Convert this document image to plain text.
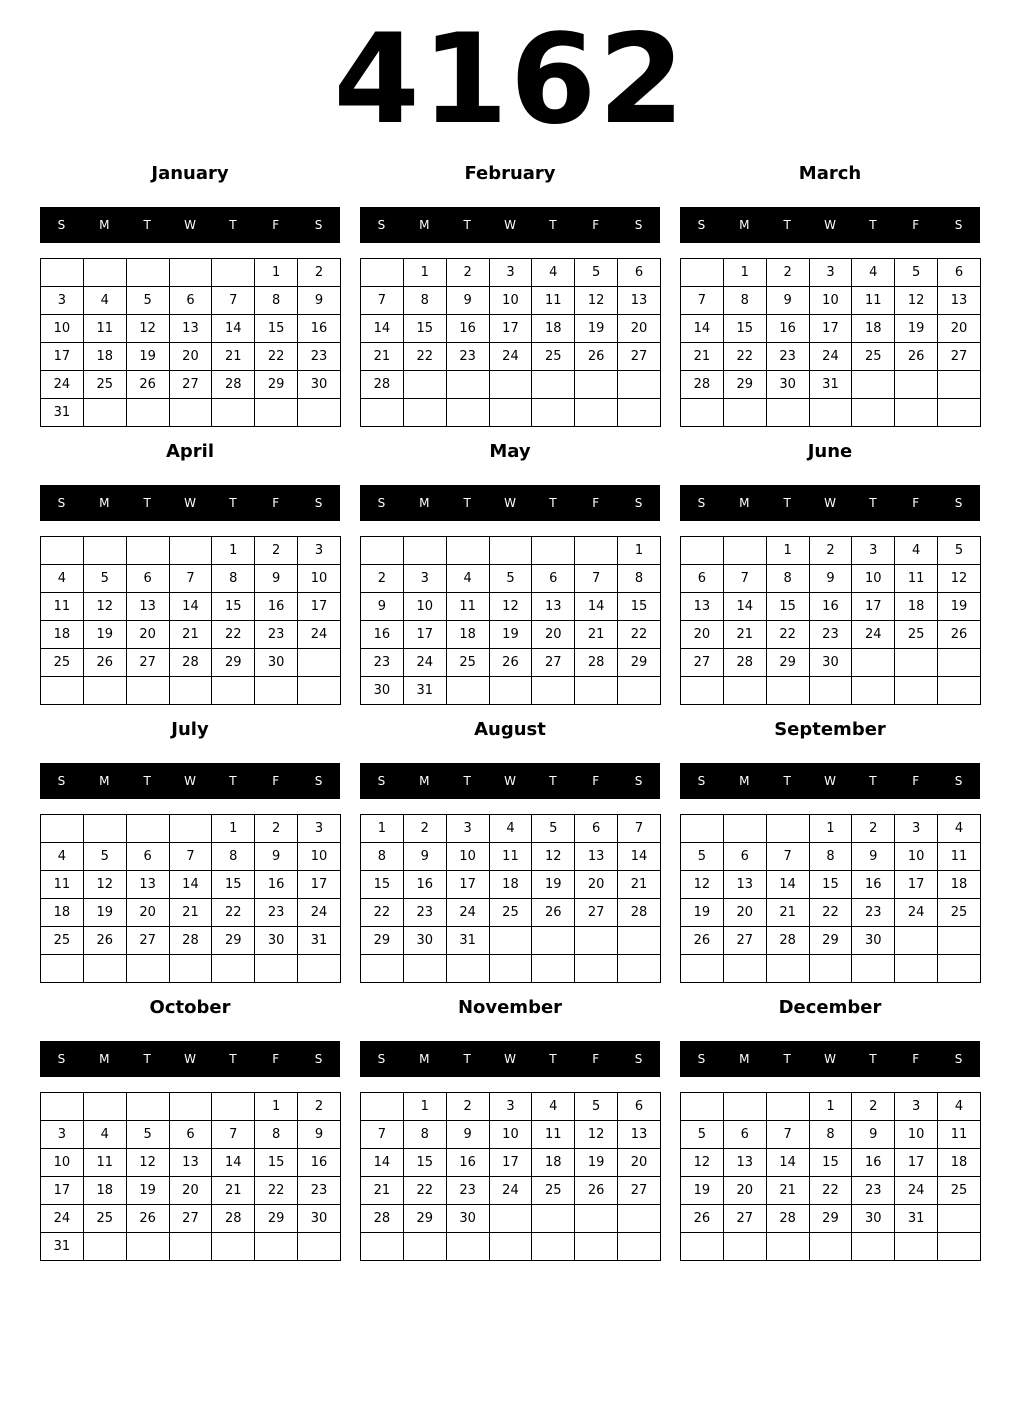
4162
January
S	M	T	W	T	F	S
					1	2
3	4	5	6	7	8	9
10	11	12	13	14	15	16
17	18	19	20	21	22	23
24	25	26	27	28	29	30
31						
February
S	M	T	W	T	F	S
	1	2	3	4	5	6
7	8	9	10	11	12	13
14	15	16	17	18	19	20
21	22	23	24	25	26	27
28						

March
S	M	T	W	T	F	S
	1	2	3	4	5	6
7	8	9	10	11	12	13
14	15	16	17	18	19	20
21	22	23	24	25	26	27
28	29	30	31			

April
S	M	T	W	T	F	S
				1	2	3
4	5	6	7	8	9	10
11	12	13	14	15	16	17
18	19	20	21	22	23	24
25	26	27	28	29	30	

May
S	M	T	W	T	F	S
						1
2	3	4	5	6	7	8
9	10	11	12	13	14	15
16	17	18	19	20	21	22
23	24	25	26	27	28	29
30	31					
June
S	M	T	W	T	F	S
		1	2	3	4	5
6	7	8	9	10	11	12
13	14	15	16	17	18	19
20	21	22	23	24	25	26
27	28	29	30			

July
S	M	T	W	T	F	S
				1	2	3
4	5	6	7	8	9	10
11	12	13	14	15	16	17
18	19	20	21	22	23	24
25	26	27	28	29	30	31

August
S	M	T	W	T	F	S
1	2	3	4	5	6	7
8	9	10	11	12	13	14
15	16	17	18	19	20	21
22	23	24	25	26	27	28
29	30	31				

September
S	M	T	W	T	F	S
			1	2	3	4
5	6	7	8	9	10	11
12	13	14	15	16	17	18
19	20	21	22	23	24	25
26	27	28	29	30		

October
S	M	T	W	T	F	S
					1	2
3	4	5	6	7	8	9
10	11	12	13	14	15	16
17	18	19	20	21	22	23
24	25	26	27	28	29	30
31						
November
S	M	T	W	T	F	S
	1	2	3	4	5	6
7	8	9	10	11	12	13
14	15	16	17	18	19	20
21	22	23	24	25	26	27
28	29	30				

December
S	M	T	W	T	F	S
			1	2	3	4
5	6	7	8	9	10	11
12	13	14	15	16	17	18
19	20	21	22	23	24	25
26	27	28	29	30	31	
